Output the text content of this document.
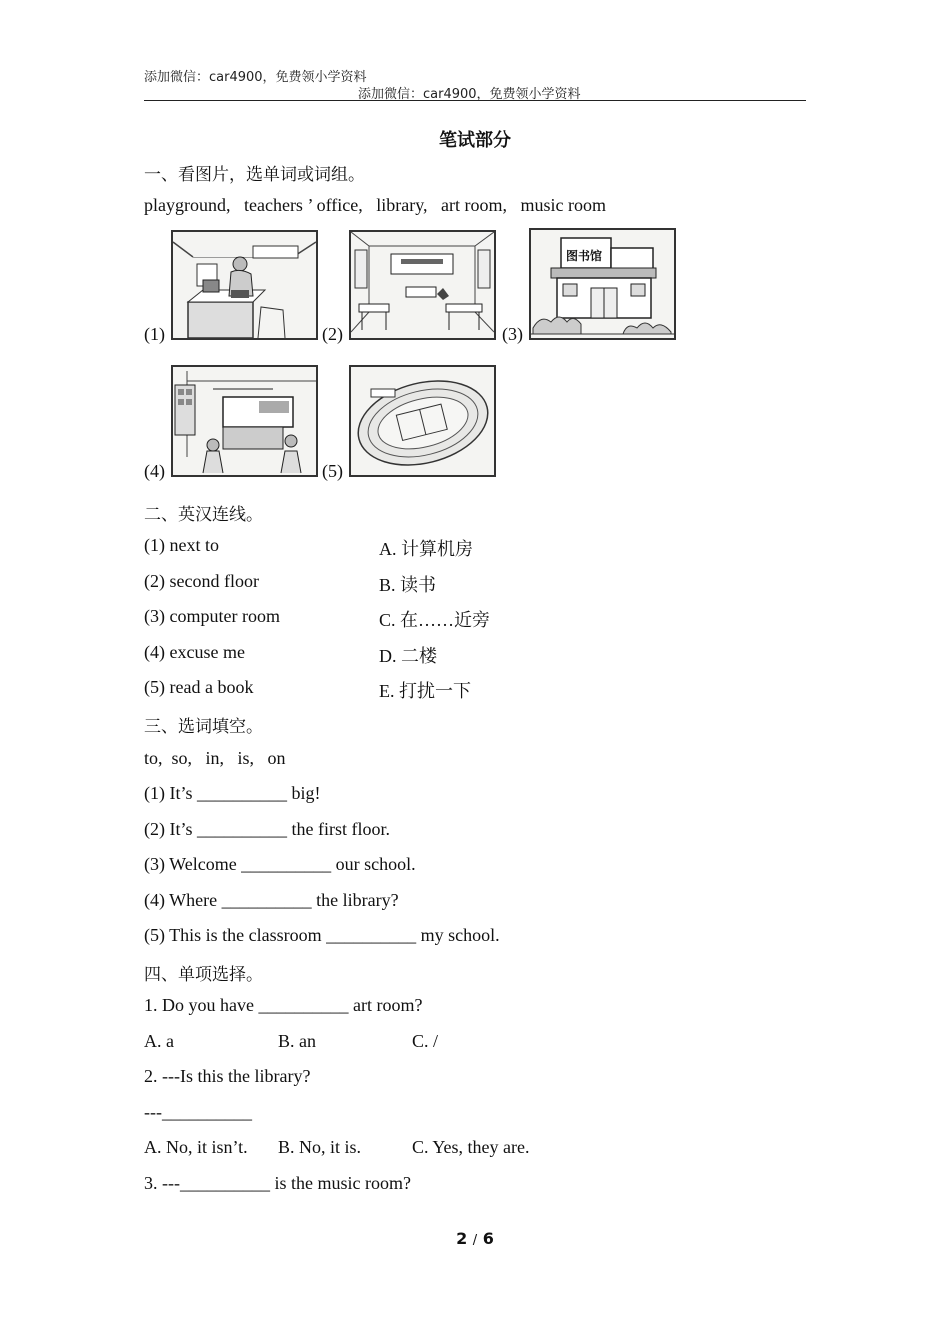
添加微信：car4900，免费领小学资料
添加微信：car4900，免费领小学资料
笔试部分
一、看图片，选单词或词组。
playground,   teachers ’ office,   library,   art room,   music room
(1)	(2)	(3)
图书馆
(4)	(5)
二、英汉连线。
(1) next to	A. 计算机房
(2) second floor	B. 读书
(3) computer room	C. 在……近旁
(4) excuse me	D. 二楼
(5) read a book	E. 打扰一下
三、选词填空。
to,  so,   in,   is,   on
(1) It’s __________ big!
(2) It’s __________ the first floor.
(3) Welcome __________ our school.
(4) Where __________ the library?
(5) This is the classroom __________ my school.
四、单项选择。
1. Do you have __________ art room?
A. a	B. an	C. /
2. ---Is this the library?
---__________
A. No, it isn’t. B. No, it is.	C. Yes, they are.
3. ---__________ is the music room?
2 / 6
